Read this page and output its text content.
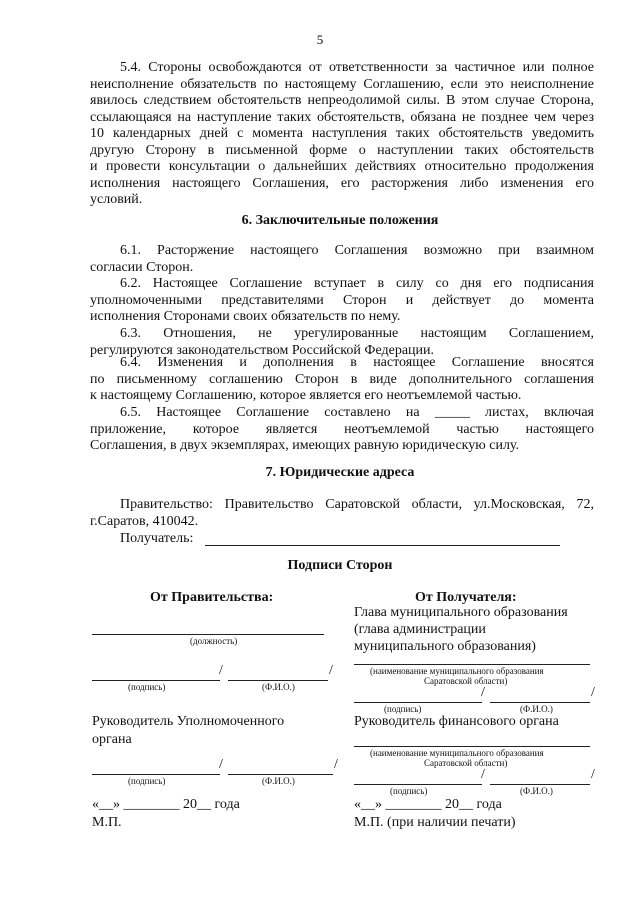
5
5.4. Стороны освобождаются от ответственности за частичное или полное
неисполнение обязательств по настоящему Соглашению, если это неисполнение
явилось следствием обстоятельств непреодолимой силы. В этом случае Сторона,
ссылающаяся на наступление таких обстоятельств, обязана не позднее чем через
10 календарных дней с момента наступления таких обстоятельств уведомить
другую Сторону в письменной форме о наступлении таких обстоятельств
и провести консультации о дальнейших действиях относительно продолжения
исполнения настоящего Соглашения, его расторжения либо изменения его
условий.
6. Заключительные положения
6.1. Расторжение настоящего Соглашения возможно при взаимном
согласии Сторон.
6.2. Настоящее Соглашение вступает в силу со дня его подписания
уполномоченными представителями Сторон и действует до момента
исполнения Сторонами своих обязательств по нему.
6.3. Отношения, не урегулированные настоящим Соглашением,
регулируются законодательством Российской Федерации.
6.4. Изменения и дополнения в настоящее Соглашение вносятся
по письменному соглашению Сторон в виде дополнительного соглашения
к настоящему Соглашению, которое является его неотъемлемой частью.
6.5. Настоящее Соглашение составлено на _____ листах, включая
приложение, которое является неотъемлемой частью настоящего
Соглашения, в двух экземплярах, имеющих равную юридическую силу.
7. Юридические адреса
Правительство: Правительство Саратовской области, ул.Московская, 72,
г.Саратов, 410042.
Получатель:
Подписи Сторон
От Правительства:
(должность)
/	/
(подпись)	(Ф.И.О.)
Руководитель Уполномоченного
органа
/	/
(подпись)	(Ф.И.О.)
«__» ________ 20__ года
М.П.
От Получателя:
Глава муниципального образования
(глава администрации
муниципального образования)
(наименование муниципального образования
Саратовской области)
/	/
(подпись)	(Ф.И.О.)
Руководитель финансового органа
(наименование муниципального образования
Саратовской области)
/	/
(подпись)	(Ф.И.О.)
«__» ________ 20__ года
М.П. (при наличии печати)
